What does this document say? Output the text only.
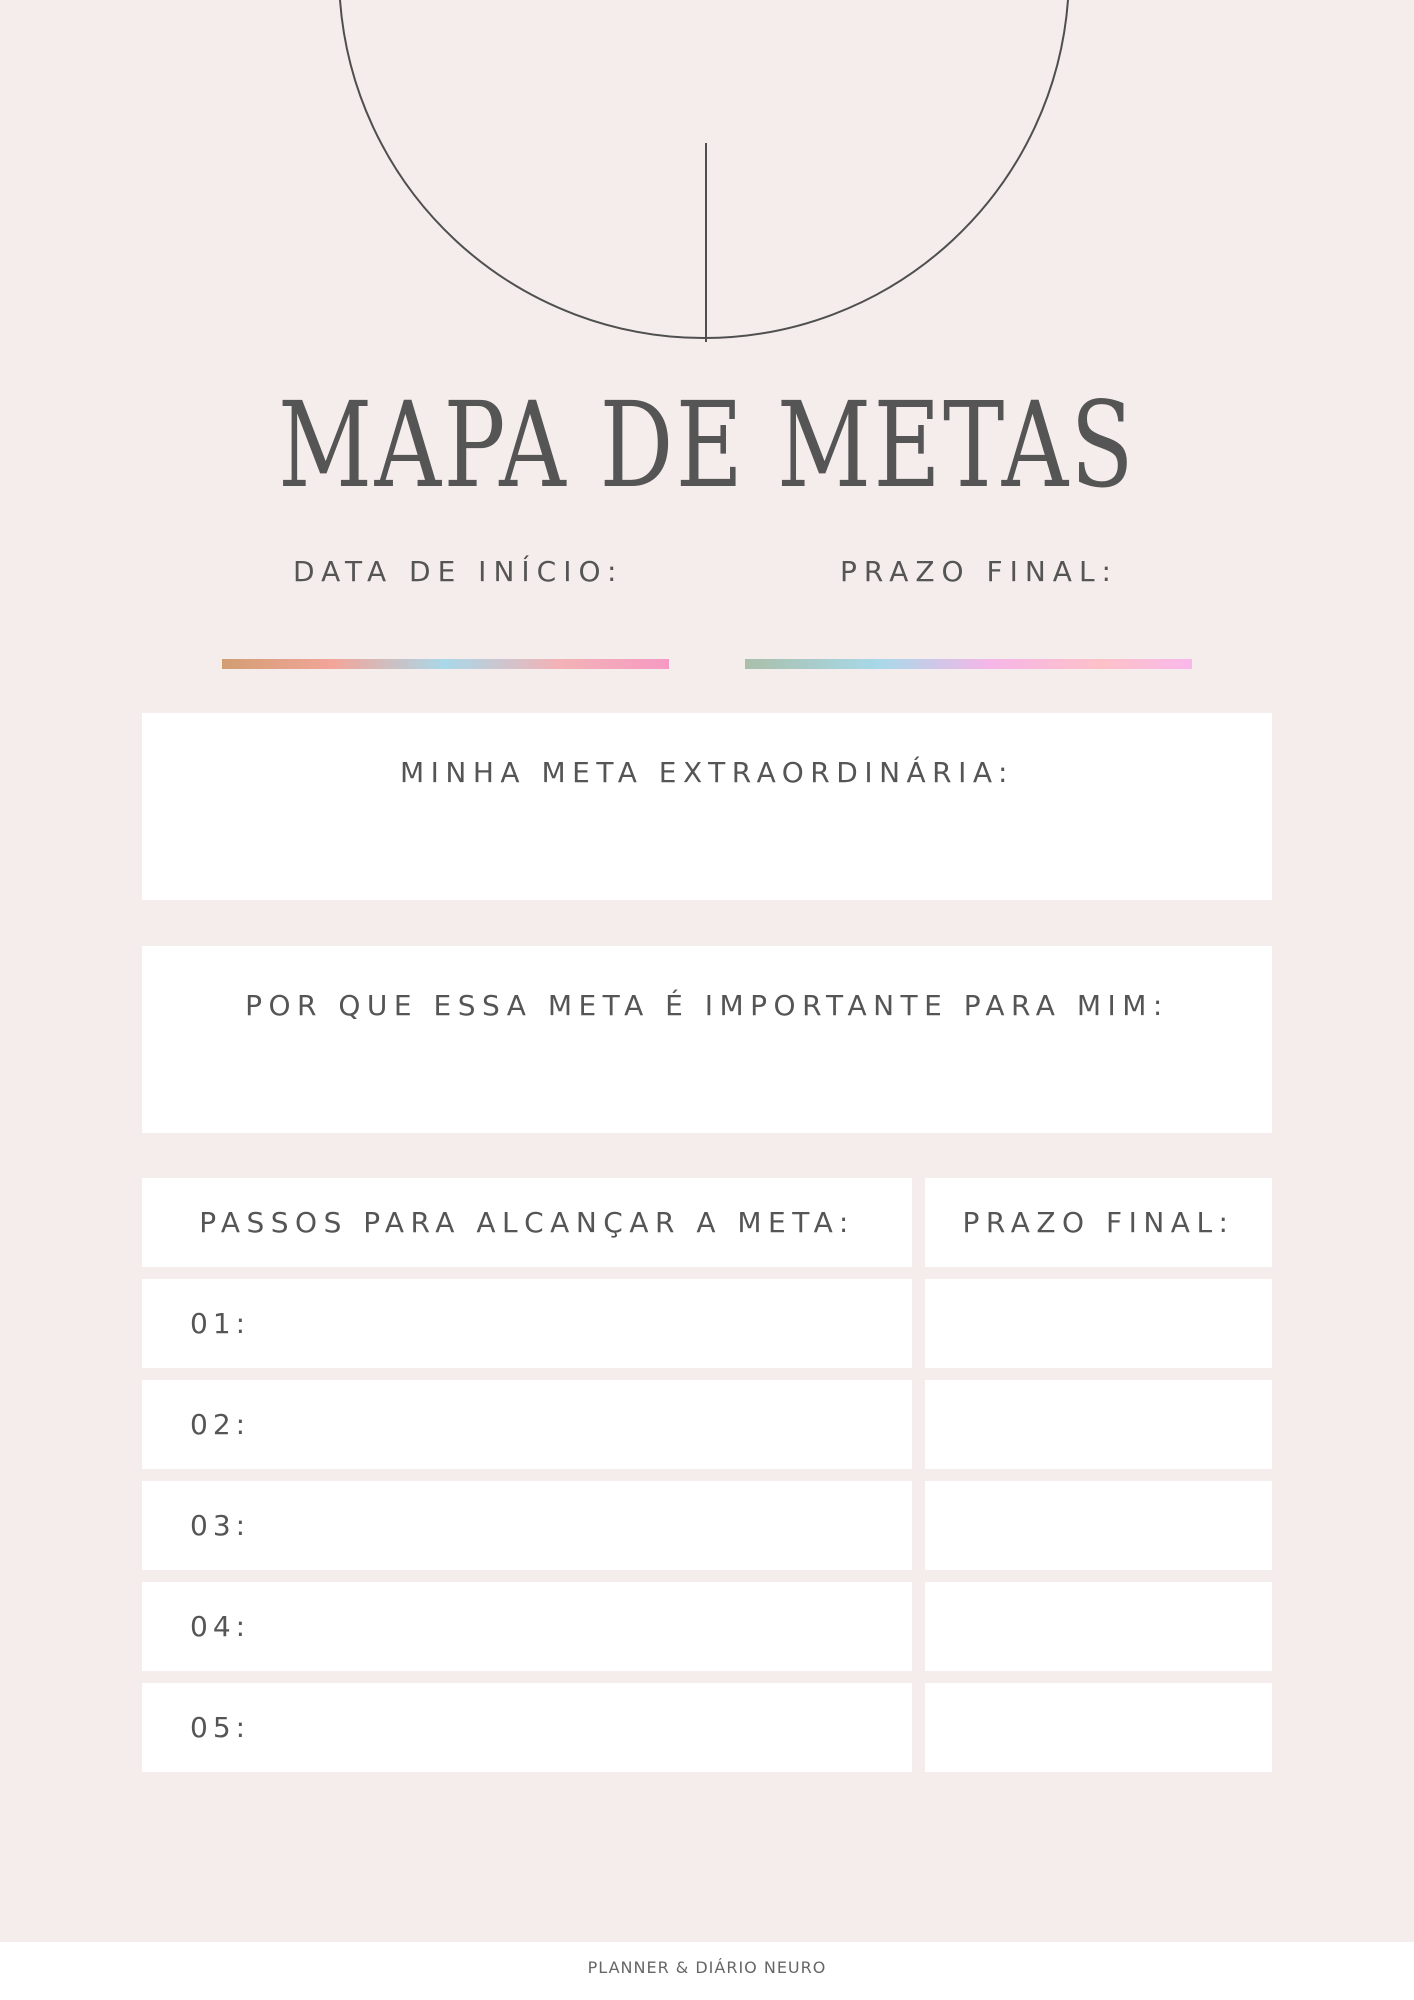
MAPA DE METAS
DATA DE INÍCIO:	PRAZO FINAL:
MINHA META EXTRAORDINÁRIA:
POR QUE ESSA META É IMPORTANTE PARA MIM:
PASSOS PARA ALCANÇAR A META:	PRAZO FINAL:
01:
02:
03:
04:
05:
PLANNER & DIÁRIO NEURO
